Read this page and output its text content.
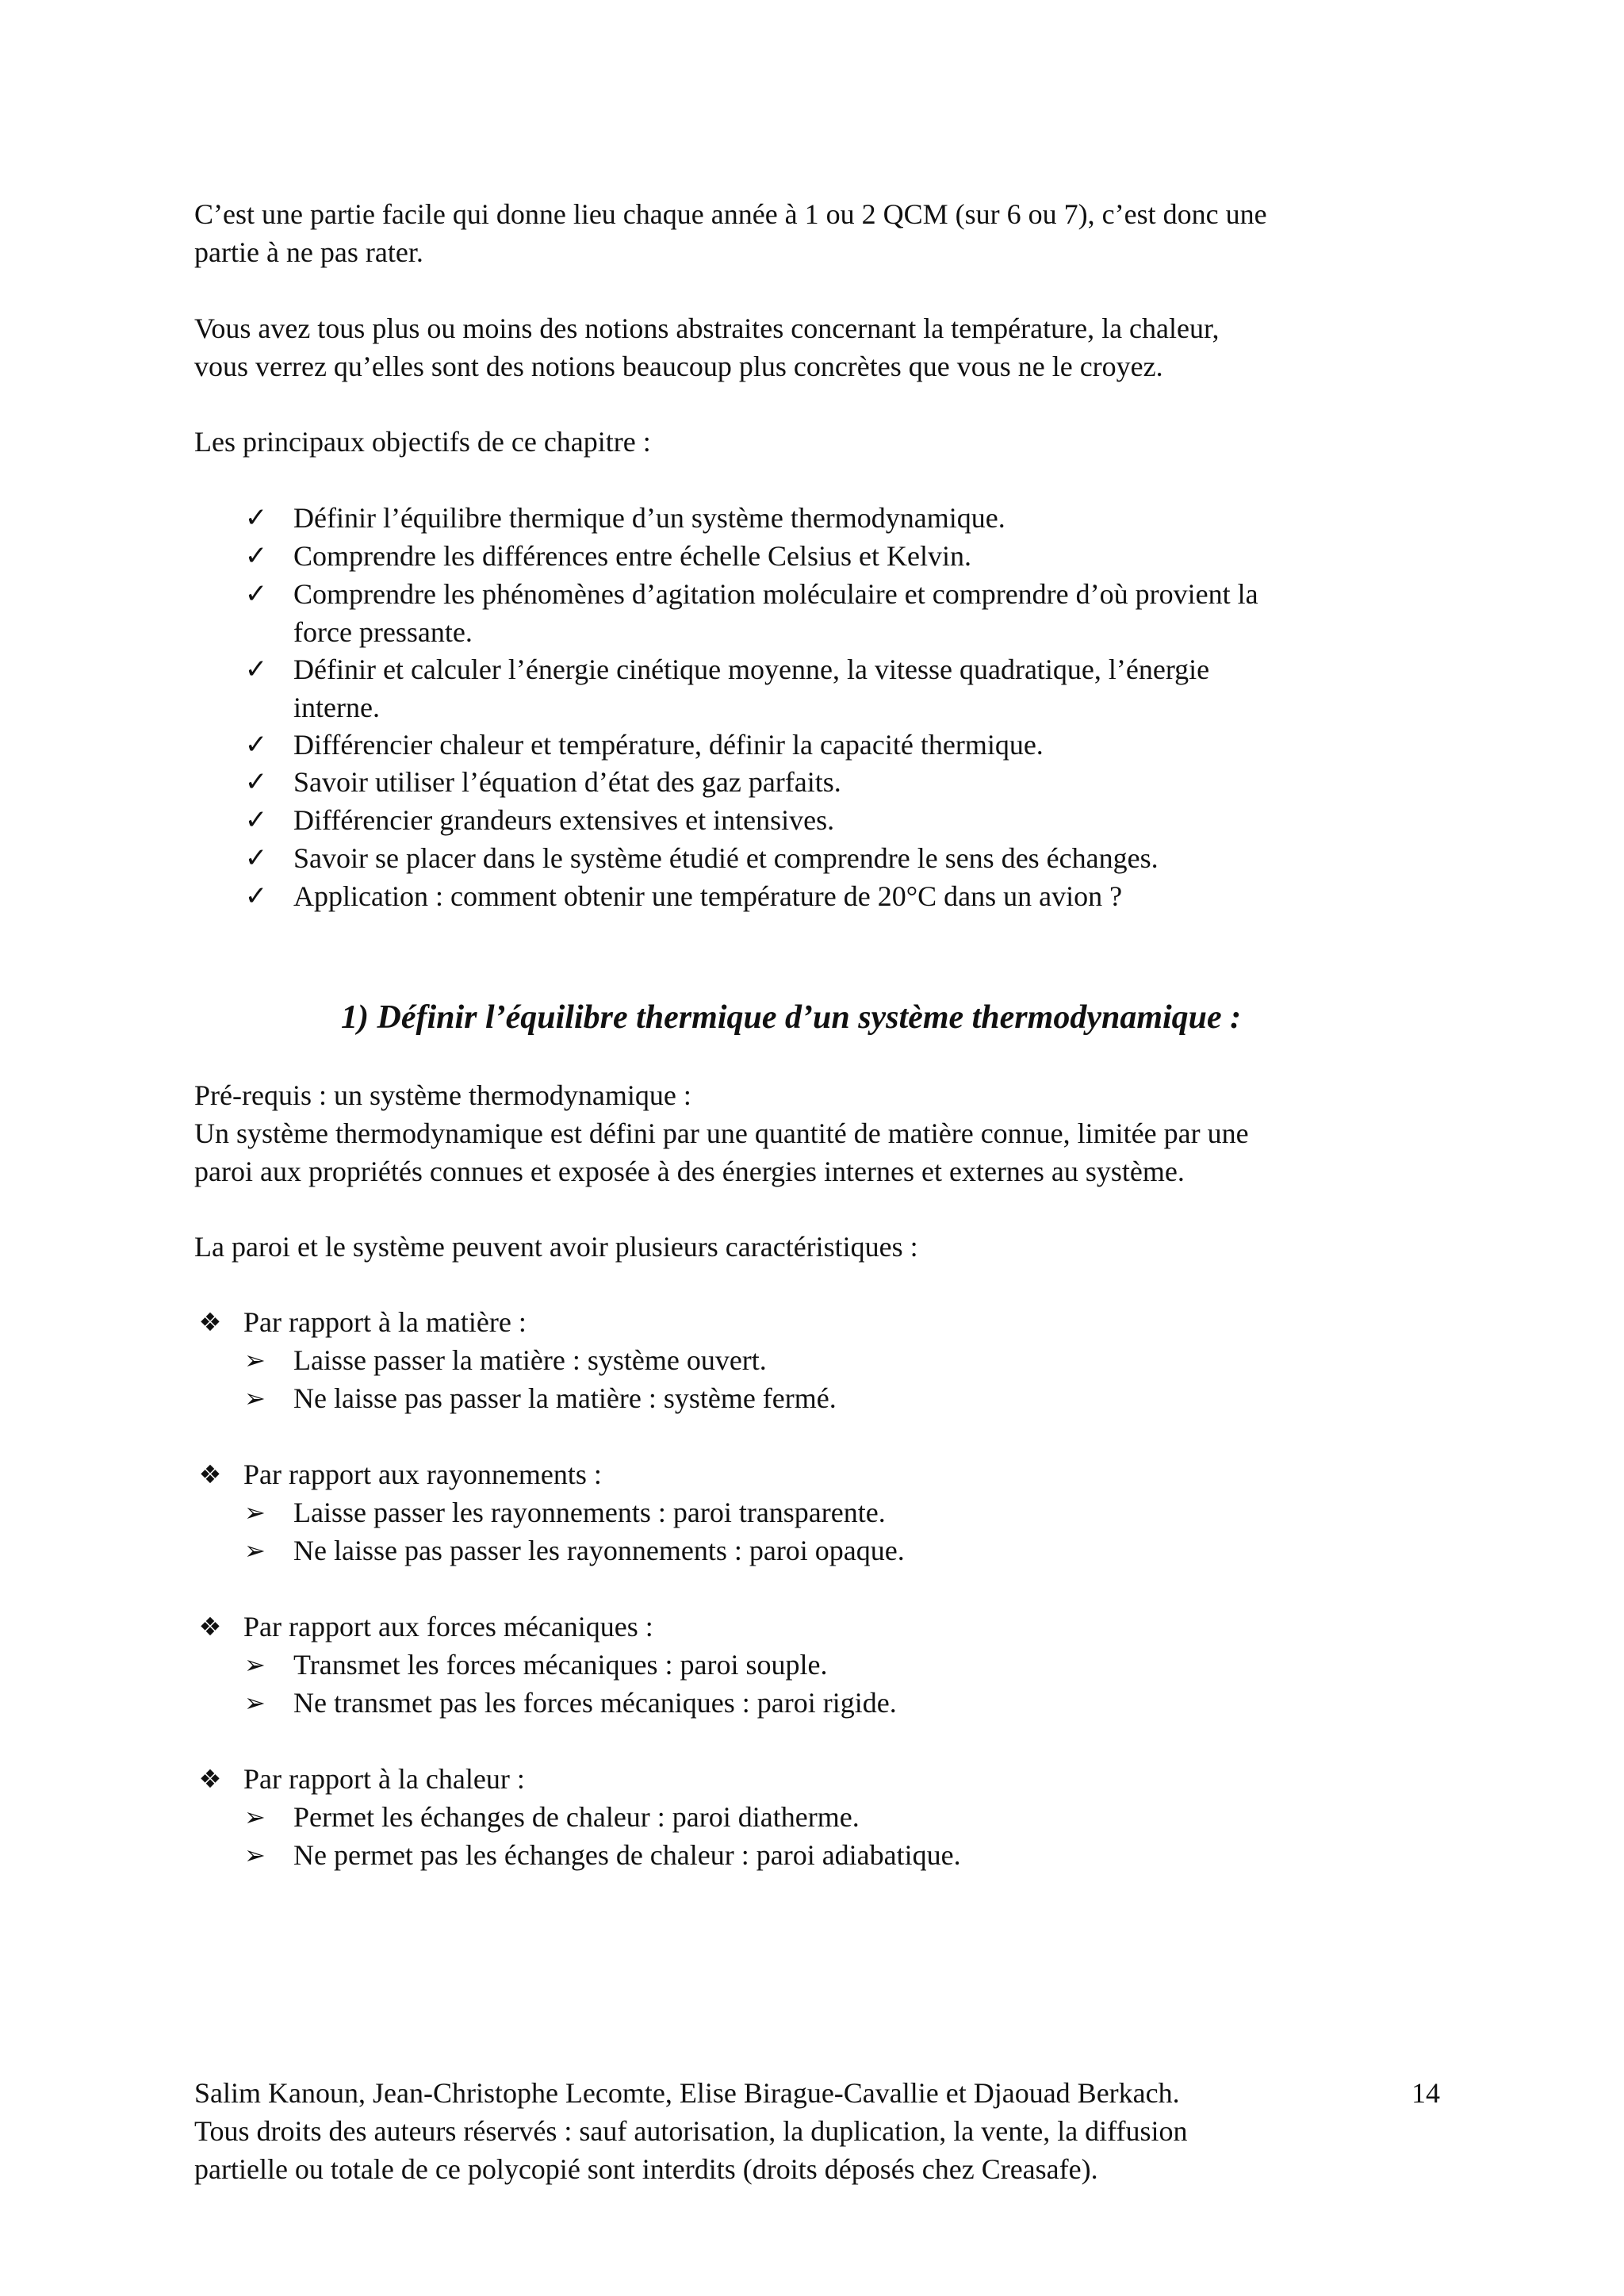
C’est une partie facile qui donne lieu chaque année à 1 ou 2 QCM (sur 6 ou 7), c’est donc une
partie à ne pas rater.
Vous avez tous plus ou moins des notions abstraites concernant la température, la chaleur,
vous verrez qu’elles sont des notions beaucoup plus concrètes que vous ne le croyez.
Les principaux objectifs de ce chapitre :
✓ Définir l’équilibre thermique d’un système thermodynamique.
✓ Comprendre les différences entre échelle Celsius et Kelvin.
✓ Comprendre les phénomènes d’agitation moléculaire et comprendre d’où provient la
force pressante.
✓ Définir et calculer l’énergie cinétique moyenne, la vitesse quadratique, l’énergie
interne.
✓ Différencier chaleur et température, définir la capacité thermique.
✓ Savoir utiliser l’équation d’état des gaz parfaits.
✓ Différencier grandeurs extensives et intensives.
✓ Savoir se placer dans le système étudié et comprendre le sens des échanges.
✓ Application : comment obtenir une température de 20°C dans un avion ?
1) Définir l’équilibre thermique d’un système thermodynamique :
Pré-requis : un système thermodynamique :
Un système thermodynamique est défini par une quantité de matière connue, limitée par une
paroi aux propriétés connues et exposée à des énergies internes et externes au système.
La paroi et le système peuvent avoir plusieurs caractéristiques :
❖ Par rapport à la matière :
➢ Laisse passer la matière : système ouvert.
➢ Ne laisse pas passer la matière : système fermé.
❖ Par rapport aux rayonnements :
➢ Laisse passer les rayonnements : paroi transparente.
➢ Ne laisse pas passer les rayonnements : paroi opaque.
❖ Par rapport aux forces mécaniques :
➢ Transmet les forces mécaniques : paroi souple.
➢ Ne transmet pas les forces mécaniques : paroi rigide.
❖ Par rapport à la chaleur :
➢ Permet les échanges de chaleur : paroi diatherme.
➢ Ne permet pas les échanges de chaleur : paroi adiabatique.
Salim Kanoun, Jean-Christophe Lecomte, Elise Birague-Cavallie et Djaouad Berkach.	14
Tous droits des auteurs réservés : sauf autorisation, la duplication, la vente, la diffusion
partielle ou totale de ce polycopié sont interdits (droits déposés chez Creasafe).
